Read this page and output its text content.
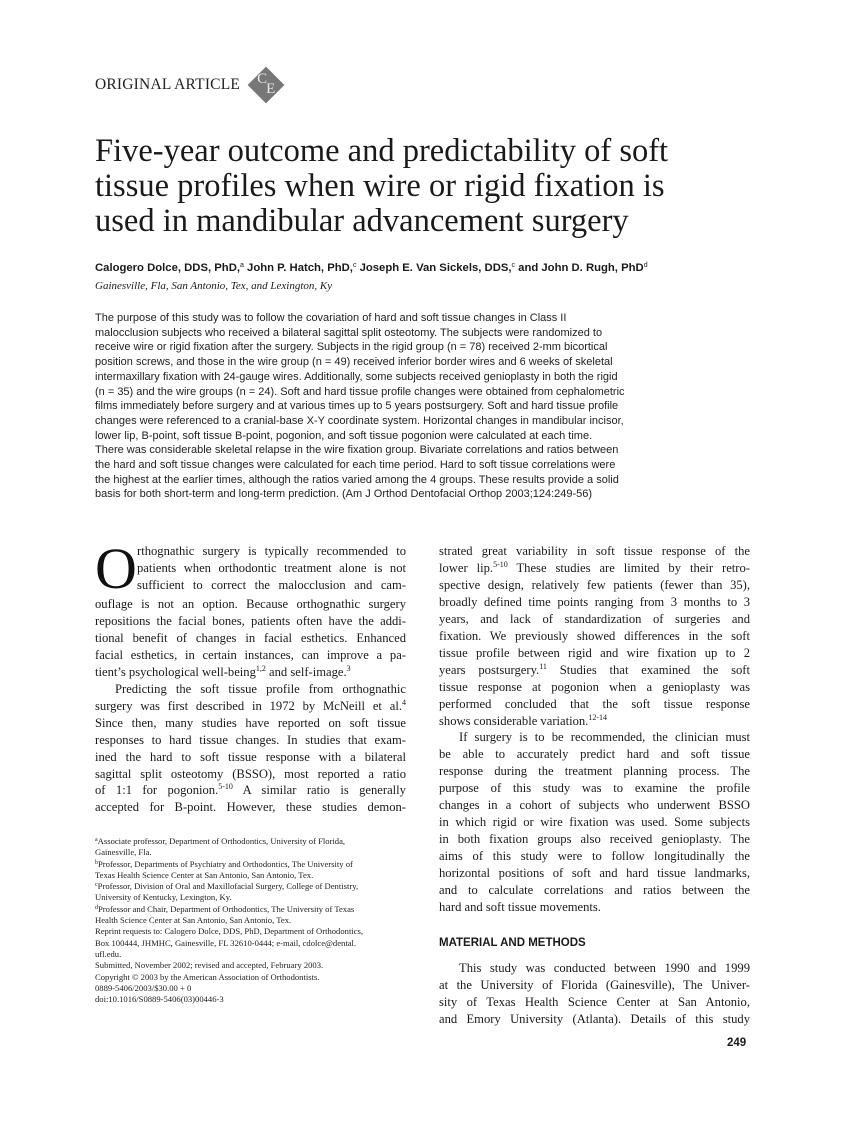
ORIGINAL ARTICLE C
E
Five-year outcome and predictability of soft
tissue profiles when wire or rigid fixation is
used in mandibular advancement surgery
Calogero Dolce, DDS, PhD,$^a$ John P. Hatch, PhD,$^c$ Joseph E. Van Sickels, DDS,$^c$ and John D. Rugh, PhD$^d$
Gainesville, Fla, San Antonio, Tex, and Lexington, Ky
The purpose of this study was to follow the covariation of hard and soft tissue changes in Class II
malocclusion subjects who received a bilateral sagittal split osteotomy. The subjects were randomized to
receive wire or rigid fixation after the surgery. Subjects in the rigid group (n = 78) received 2-mm bicortical
position screws, and those in the wire group (n = 49) received inferior border wires and 6 weeks of skeletal
intermaxillary fixation with 24-gauge wires. Additionally, some subjects received genioplasty in both the rigid
(n = 35) and the wire groups (n = 24). Soft and hard tissue profile changes were obtained from cephalometric
films immediately before surgery and at various times up to 5 years postsurgery. Soft and hard tissue profile
changes were referenced to a cranial-base X-Y coordinate system. Horizontal changes in mandibular incisor,
lower lip, B-point, soft tissue B-point, pogonion, and soft tissue pogonion were calculated at each time.
There was considerable skeletal relapse in the wire fixation group. Bivariate correlations and ratios between
the hard and soft tissue changes were calculated for each time period. Hard to soft tissue correlations were
the highest at the earlier times, although the ratios varied among the 4 groups. These results provide a solid
basis for both short-term and long-term prediction. (Am J Orthod Dentofacial Orthop 2003;124:249-56)
O rthognathic surgery is typically recommended to
patients when orthodontic treatment alone is not
sufficient to correct the malocclusion and cam-
ouflage is not an option. Because orthognathic surgery
repositions the facial bones, patients often have the addi-
tional benefit of changes in facial esthetics. Enhanced
facial esthetics, in certain instances, can improve a pa-
tient’s psychological well-being$^{1,2}$ and self-image.$^3$
Predicting the soft tissue profile from orthognathic
surgery was first described in 1972 by McNeill et al.$^4$
Since then, many studies have reported on soft tissue
responses to hard tissue changes. In studies that exam-
ined the hard to soft tissue response with a bilateral
sagittal split osteotomy (BSSO), most reported a ratio
of 1:1 for pogonion.$^{5-10}$ A similar ratio is generally
accepted for B-point. However, these studies demon-
$^a$Associate professor, Department of Orthodontics, University of Florida,
Gainesville, Fla.
$^b$Professor, Departments of Psychiatry and Orthodontics, The University of
Texas Health Science Center at San Antonio, San Antonio, Tex.
$^c$Professor, Division of Oral and Maxillofacial Surgery, College of Dentistry,
University of Kentucky, Lexington, Ky.
$^d$Professor and Chair, Department of Orthodontics, The University of Texas
Health Science Center at San Antonio, San Antonio, Tex.
Reprint requests to: Calogero Dolce, DDS, PhD, Department of Orthodontics,
Box 100444, JHMHC, Gainesville, FL 32610-0444; e-mail, cdolce@dental.
ufl.edu.
Submitted, November 2002; revised and accepted, February 2003.
Copyright © 2003 by the American Association of Orthodontists.
0889-5406/2003/$30.00 + 0
doi:10.1016/S0889-5406(03)00446-3
strated great variability in soft tissue response of the
lower lip.$^{5-10}$ These studies are limited by their retro-
spective design, relatively few patients (fewer than 35),
broadly defined time points ranging from 3 months to 3
years, and lack of standardization of surgeries and
fixation. We previously showed differences in the soft
tissue profile between rigid and wire fixation up to 2
years postsurgery.$^{11}$ Studies that examined the soft
tissue response at pogonion when a genioplasty was
performed concluded that the soft tissue response
shows considerable variation.$^{12-14}$
If surgery is to be recommended, the clinician must
be able to accurately predict hard and soft tissue
response during the treatment planning process. The
purpose of this study was to examine the profile
changes in a cohort of subjects who underwent BSSO
in which rigid or wire fixation was used. Some subjects
in both fixation groups also received genioplasty. The
aims of this study were to follow longitudinally the
horizontal positions of soft and hard tissue landmarks,
and to calculate correlations and ratios between the
hard and soft tissue movements.
MATERIAL AND METHODS
This study was conducted between 1990 and 1999
at the University of Florida (Gainesville), The Univer-
sity of Texas Health Science Center at San Antonio,
and Emory University (Atlanta). Details of this study
249
